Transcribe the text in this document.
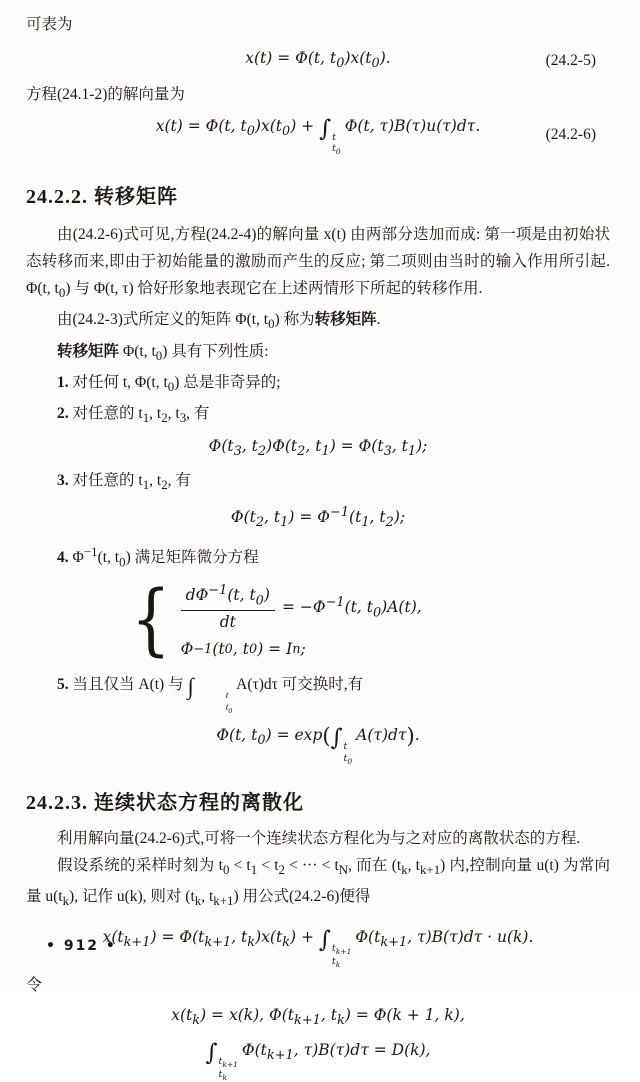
可表为
x(t) = Φ(t, $t_0)x(t_0)$.	(24.2-5)
方程(24.1-2)的解向量为
x(t) = Φ(t, $t_0)x(t_0)$ + ∫ t
$t_0$
Φ(t, τ)B(τ)u(τ)dτ.	(24.2-6)
24.2.2. 转移矩阵
由(24.2-6)式可见,方程(24.2-4)的解向量 x(t) 由两部分迭加而成: 第一项是由初始状态转移而来,即由于初始能量的激励而产生的反应; 第二项则由当时的输入作用所引起. Φ(t, $t_0$) 与 Φ(t, τ) 恰好形象地表现它在上述两情形下所起的转移作用.
由(24.2-3)式所定义的矩阵 Φ(t, $t_0$) 称为转移矩阵.
转移矩阵 Φ(t, $t_0$) 具有下列性质:
1. 对任何 t, Φ(t, $t_0$) 总是非奇异的;
2. 对任意的 $t_1$, $t_2$, $t_3$, 有
$\Phi(t_3$, $t_2)\Phi(t_2$, $t_1) = \Phi(t_3$, $t_1$);
3. 对任意的 $t_1$, $t_2$, 有
$\Phi(t_2$, $t_1) = \Phi^{-1}(t_1$, $t_2$);
4. $\Phi^{-1}(t$, $t_0$) 满足矩阵微分方程
{ $\frac{d\Phi^{-1}(t, t_0)}{dt} = -\Phi^{-1}(t$, $t_0)A(t)$,
Φ −1 (t 0 , t 0 ) = I n ;
5. 当且仅当 A(t) 与 ∫	t
$t_0$
A(τ)dτ 可交换时,有
Φ(t, $t_0) = \exp(\int$ t
$t_0$
A(τ)dτ).
24.2.3. 连续状态方程的离散化
利用解向量(24.2-6)式,可将一个连续状态方程化为与之对应的离散状态的方程.
假设系统的采样时刻为 $t_0 < t_1 < t_2$ < ··· < $t_N$, 而在 ($t_k$, $t_{k+1}$) 内,控制向量 u(t) 为常向量 $u(t_k)$, 记作 u(k), 则对 ($t_k$, $t_{k+1}$) 用公式(24.2-6)便得
$x(t_{k+1}) = \Phi(t_{k+1}$, $t_k)x(t_k)$ + ∫ $t_{k+1}$
$t_k$
$\Phi(t_{k+1}$, τ)B(τ)dτ · u(k).
令
$x(t_k) = x(k)$, $\Phi(t_{k+1}$, $t_k) = \Phi(k + 1$, k),
∫ $t_{k+1}$
$t_k$
$\Phi(t_{k+1}$, τ)B(τ)dτ = D(k),
• 912 •
